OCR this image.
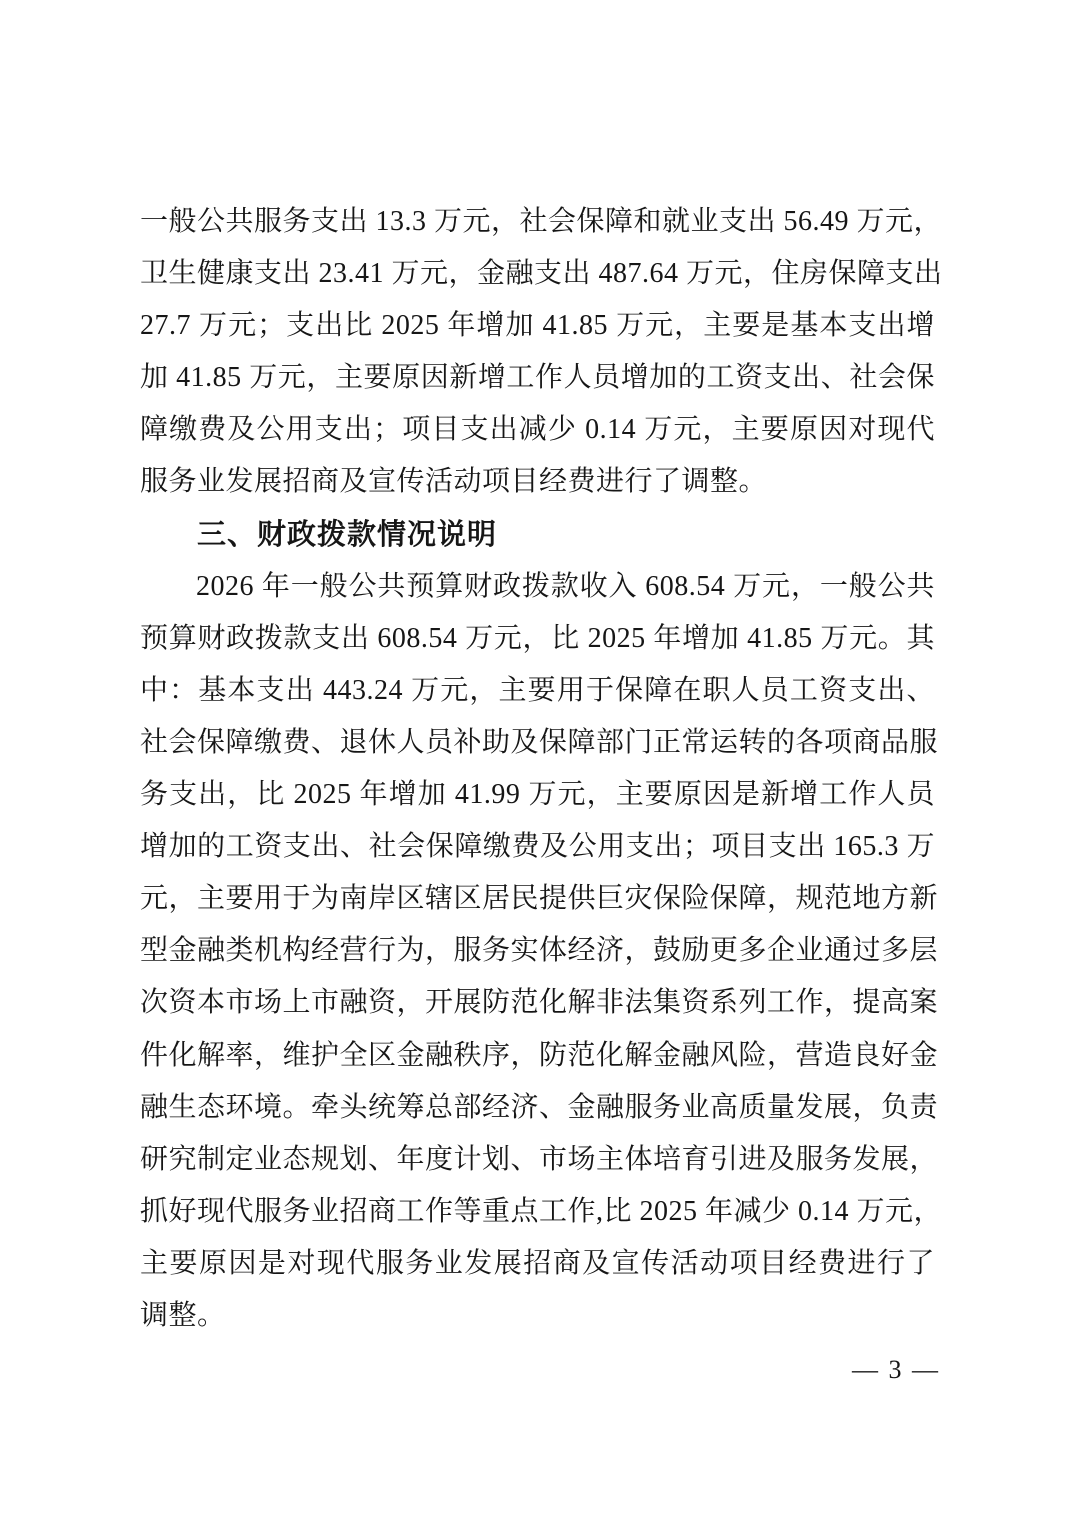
一般公共服务支出 13.3 万元，社会保障和就业支出 56.49 万元，
卫生健康支出 23.41 万元，金融支出 487.64 万元，住房保障支出
27.7 万元；支出比 2025 年增加 41.85 万元，主要是基本支出增
加 41.85 万元，主要原因新增工作人员增加的工资支出、社会保
障缴费及公用支出；项目支出减少 0.14 万元，主要原因对现代
服务业发展招商及宣传活动项目经费进行了调整。
三、财政拨款情况说明
2026 年一般公共预算财政拨款收入 608.54 万元，一般公共
预算财政拨款支出 608.54 万元，比 2025 年增加 41.85 万元。其
中：基本支出 443.24 万元，主要用于保障在职人员工资支出、
社会保障缴费、退休人员补助及保障部门正常运转的各项商品服
务支出，比 2025 年增加 41.99 万元，主要原因是新增工作人员
增加的工资支出、社会保障缴费及公用支出；项目支出 165.3 万
元，主要用于为南岸区辖区居民提供巨灾保险保障，规范地方新
型金融类机构经营行为，服务实体经济，鼓励更多企业通过多层
次资本市场上市融资，开展防范化解非法集资系列工作，提高案
件化解率，维护全区金融秩序，防范化解金融风险，营造良好金
融生态环境。牵头统筹总部经济、金融服务业高质量发展，负责
研究制定业态规划、年度计划、市场主体培育引进及服务发展，
抓好现代服务业招商工作等重点工作,比 2025 年减少 0.14 万元，
主要原因是对现代服务业发展招商及宣传活动项目经费进行了
调整。
— 3 —
